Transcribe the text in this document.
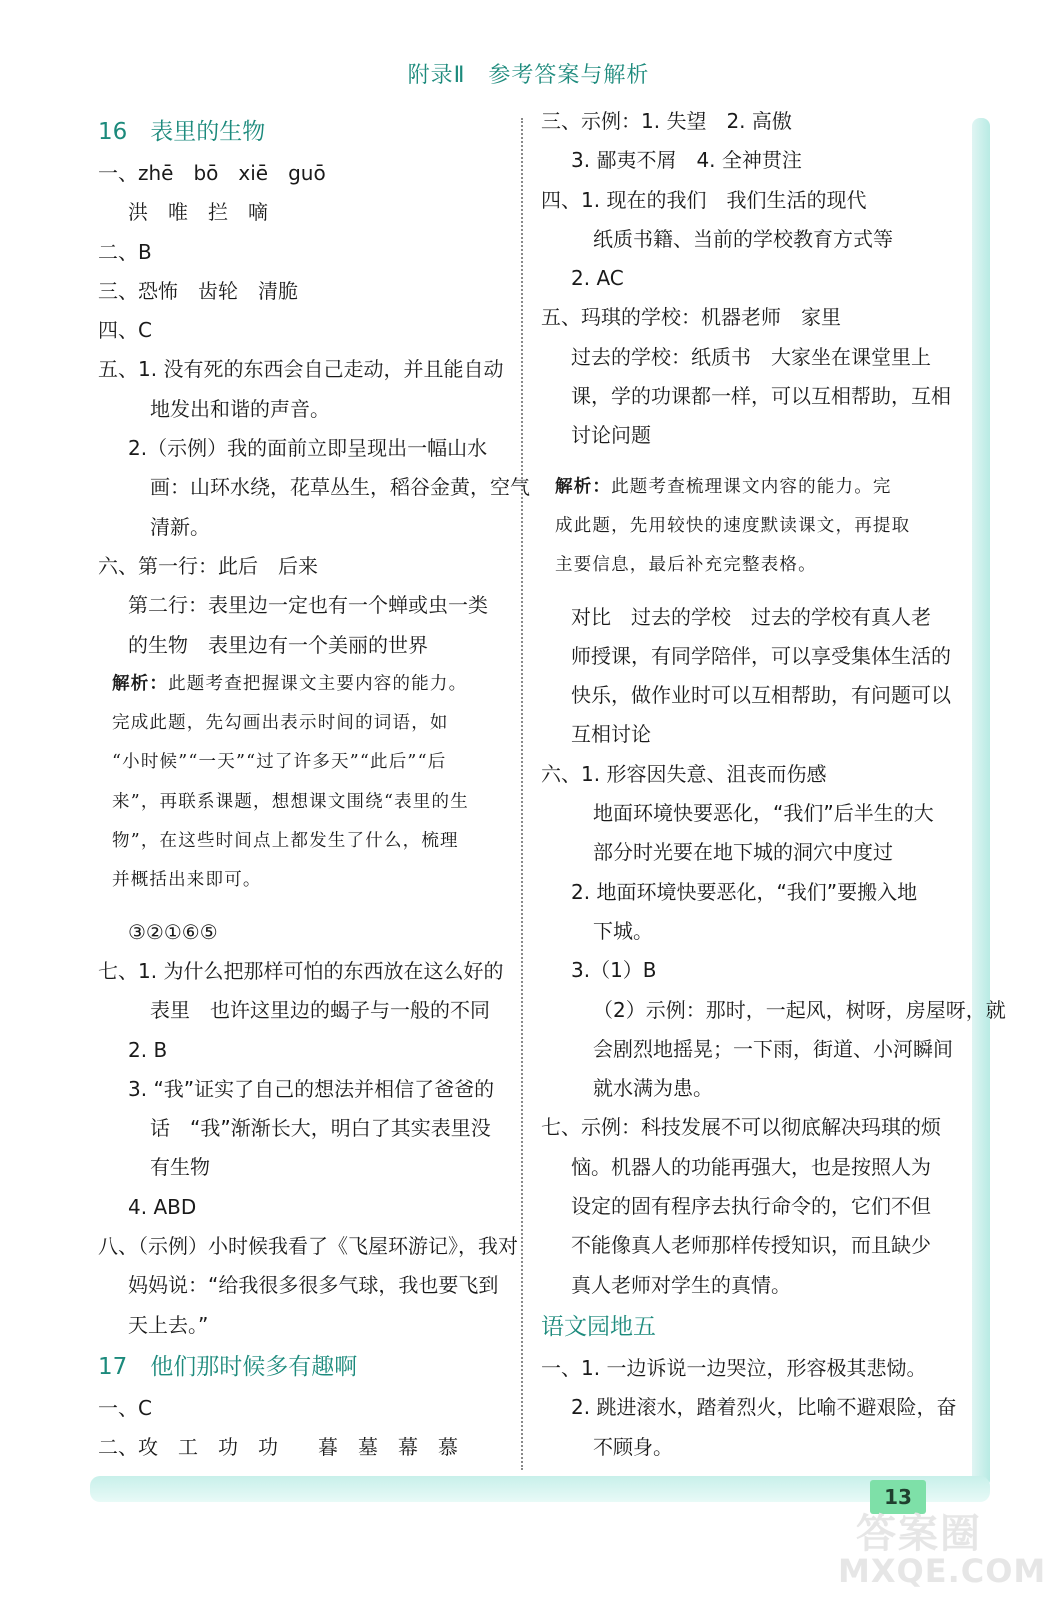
附录Ⅱ　参考答案与解析
16　表里的生物
一、zhē　bō　xiē　guō
洪　唯　拦　嘀
二、B
三、恐怖　齿轮　清脆
四、C
五、1. 没有死的东西会自己走动，并且能自动
地发出和谐的声音。
2.（示例）我的面前立即呈现出一幅山水
画：山环水绕，花草丛生，稻谷金黄，空气
清新。
六、第一行：此后　后来
第二行：表里边一定也有一个蝉或虫一类
的生物　表里边有一个美丽的世界
解析：此题考查把握课文主要内容的能力。
完成此题，先勾画出表示时间的词语，如
“小时候”“一天”“过了许多天”“此后”“后
来”，再联系课题，想想课文围绕“表里的生
物”，在这些时间点上都发生了什么，梳理
并概括出来即可。
③②①⑥⑤
七、1. 为什么把那样可怕的东西放在这么好的
表里　也许这里边的蝎子与一般的不同
2. B
3. “我”证实了自己的想法并相信了爸爸的
话　“我”渐渐长大，明白了其实表里没
有生物
4. ABD
八、（示例）小时候我看了《飞屋环游记》，我对
妈妈说：“给我很多很多气球，我也要飞到
天上去。”
17　他们那时候多有趣啊
一、C
二、攻　工　功　功　　暮　墓　幕　慕
三、示例：1. 失望　2. 高傲
3. 鄙夷不屑　4. 全神贯注
四、1. 现在的我们　我们生活的现代
纸质书籍、当前的学校教育方式等
2. AC
五、玛琪的学校：机器老师　家里
过去的学校：纸质书　大家坐在课堂里上
课，学的功课都一样，可以互相帮助，互相
讨论问题
解析：此题考查梳理课文内容的能力。完
成此题，先用较快的速度默读课文，再提取
主要信息，最后补充完整表格。
对比　过去的学校　过去的学校有真人老
师授课，有同学陪伴，可以享受集体生活的
快乐，做作业时可以互相帮助，有问题可以
互相讨论
六、1. 形容因失意、沮丧而伤感
地面环境快要恶化，“我们”后半生的大
部分时光要在地下城的洞穴中度过
2. 地面环境快要恶化，“我们”要搬入地
下城。
3.（1）B
（2）示例：那时，一起风，树呀，房屋呀，就
会剧烈地摇晃；一下雨，街道、小河瞬间
就水满为患。
七、示例：科技发展不可以彻底解决玛琪的烦
恼。机器人的功能再强大，也是按照人为
设定的固有程序去执行命令的，它们不但
不能像真人老师那样传授知识，而且缺少
真人老师对学生的真情。
语文园地五
一、1. 一边诉说一边哭泣，形容极其悲恸。
2. 跳进滚水，踏着烈火，比喻不避艰险，奋
不顾身。
13
答案圈
MXQE.COM
